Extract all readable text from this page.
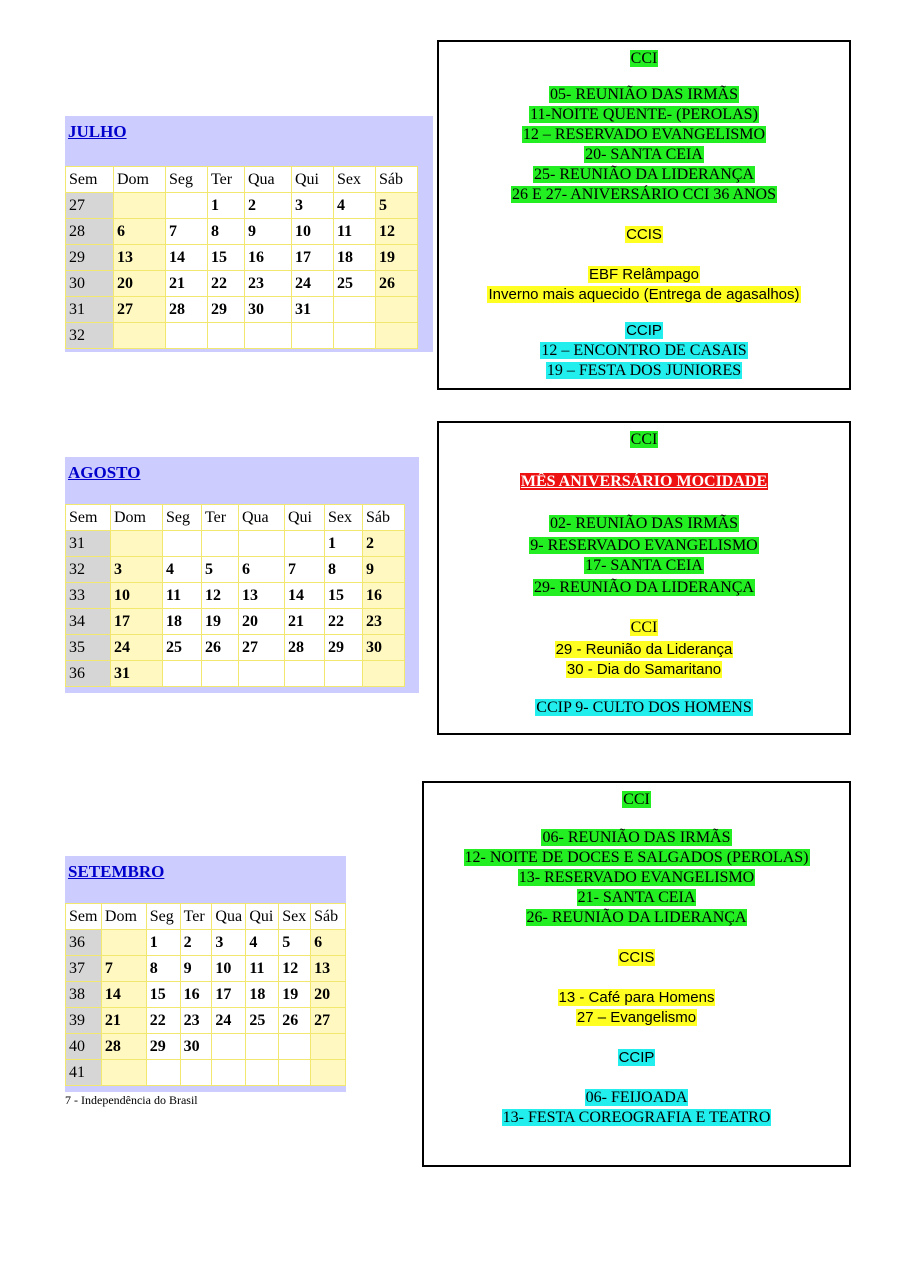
JULHO
Sem	Dom	Seg	Ter	Qua	Qui	Sex	Sáb
27			1	2	3	4	5
28	6	7	8	9	10	11	12
29	13	14	15	16	17	18	19
30	20	21	22	23	24	25	26
31	27	28	29	30	31		
32							
AGOSTO
Sem	Dom	Seg	Ter	Qua	Qui	Sex	Sáb
31						1	2
32	3	4	5	6	7	8	9
33	10	11	12	13	14	15	16
34	17	18	19	20	21	22	23
35	24	25	26	27	28	29	30
36	31						
SETEMBRO
Sem	Dom	Seg	Ter	Qua	Qui	Sex	Sáb
36		1	2	3	4	5	6
37	7	8	9	10	11	12	13
38	14	15	16	17	18	19	20
39	21	22	23	24	25	26	27
40	28	29	30				
41							
7 - Independência do Brasil
CCI
05- REUNIÃO DAS IRMÃS
11-NOITE QUENTE- (PEROLAS)
12 – RESERVADO EVANGELISMO
20- SANTA CEIA
25- REUNIÃO DA LIDERANÇA
26 E 27- ANIVERSÁRIO CCI 36 ANOS
CCIS
EBF Relâmpago
Inverno mais aquecido (Entrega de agasalhos)
CCIP
12 – ENCONTRO DE CASAIS
19 – FESTA DOS JUNIORES
CCI
MÊS ANIVERSÁRIO MOCIDADE
02- REUNIÃO DAS IRMÃS
9- RESERVADO EVANGELISMO
17- SANTA CEIA
29- REUNIÃO DA LIDERANÇA
CCI
29 - Reunião da Liderança
30 - Dia do Samaritano
CCIP 9- CULTO DOS HOMENS
CCI
06- REUNIÃO DAS IRMÃS
12- NOITE DE DOCES E SALGADOS (PEROLAS)
13- RESERVADO EVANGELISMO
21- SANTA CEIA
26- REUNIÃO DA LIDERANÇA
CCIS
13 - Café para Homens
27 – Evangelismo
CCIP
06- FEIJOADA
13- FESTA COREOGRAFIA E TEATRO
